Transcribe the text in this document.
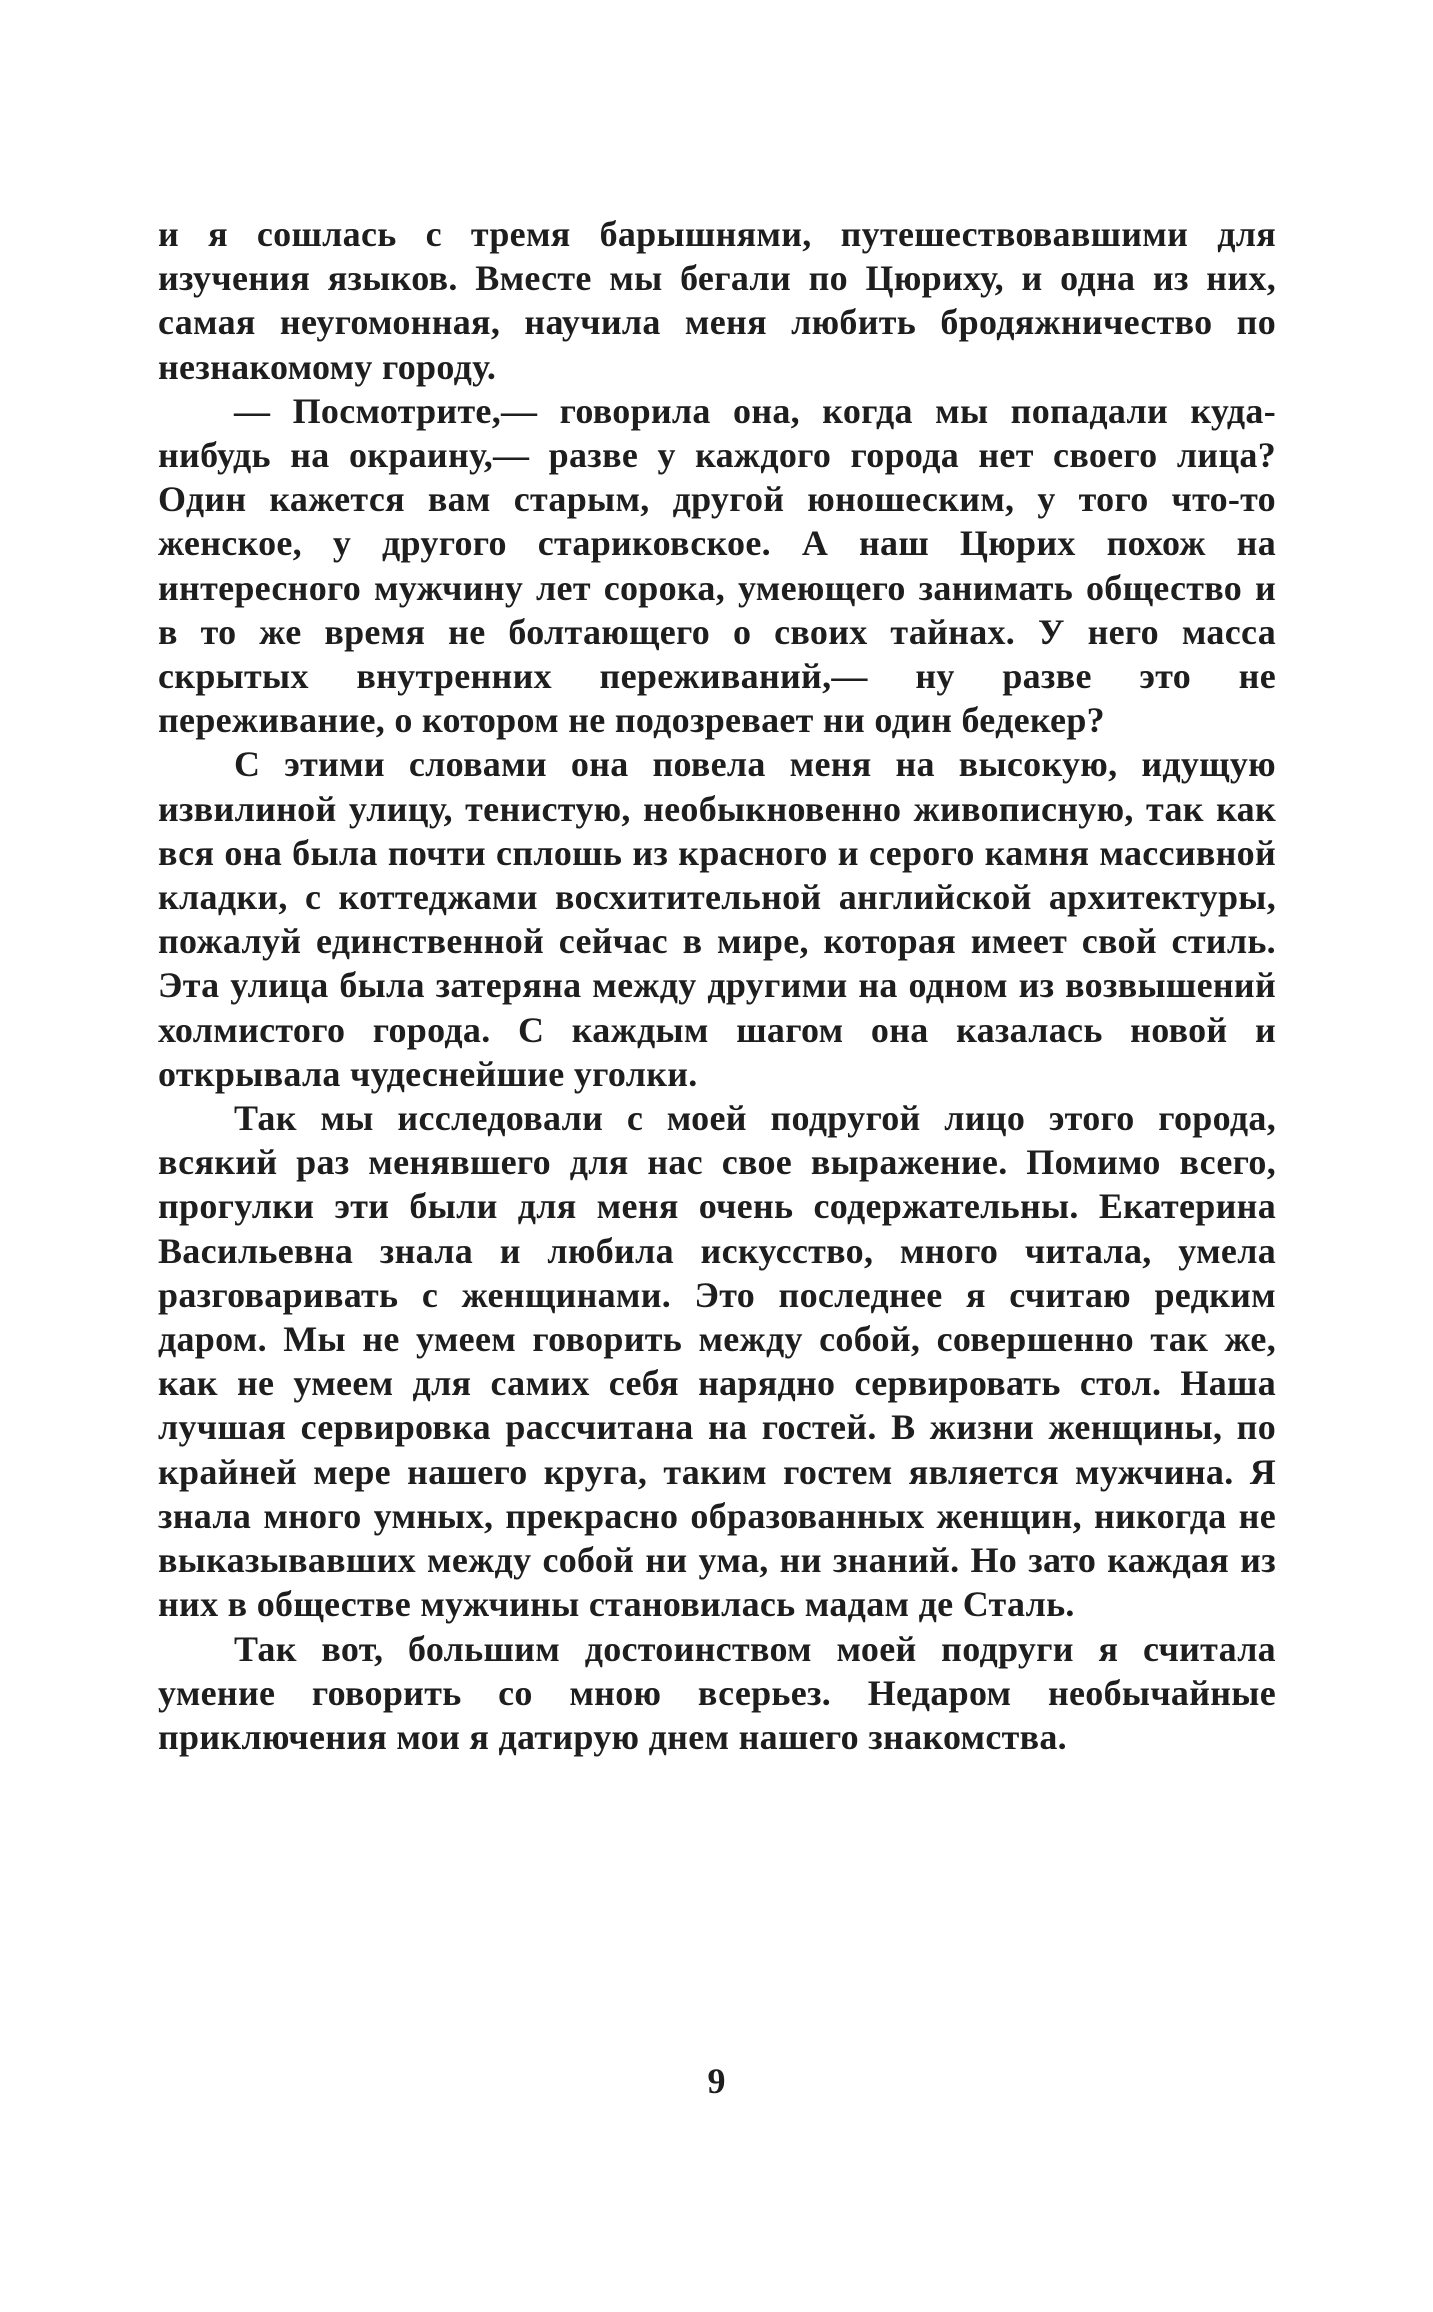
и я сошлась с тремя барышнями, путешествовавшими для изучения языков. Вместе мы бегали по Цюриху, и одна из них, самая неугомонная, научила меня любить бродяжничество по незнакомому городу.

— Посмотрите,— говорила она, когда мы попадали куда-нибудь на окраину,— разве у каждого города нет своего лица? Один кажется вам старым, другой юношеским, у того что-то женское, у другого стариковское. А наш Цюрих похож на интересного мужчину лет сорока, умеющего занимать общество и в то же время не болтающего о своих тайнах. У него масса скрытых внутренних переживаний,— ну разве это не переживание, о котором не подозревает ни один бедекер?

С этими словами она повела меня на высокую, идущую извилиной улицу, тенистую, необыкновенно живописную, так как вся она была почти сплошь из красного и серого камня массивной кладки, с коттеджами восхитительной английской архитектуры, пожалуй единственной сейчас в мире, которая имеет свой стиль. Эта улица была затеряна между другими на одном из возвышений холмистого города. С каждым шагом она казалась новой и открывала чудеснейшие уголки.

Так мы исследовали с моей подругой лицо этого города, всякий раз менявшего для нас свое выражение. Помимо всего, прогулки эти были для меня очень содержательны. Екатерина Васильевна знала и любила искусство, много читала, умела разговаривать с женщинами. Это последнее я считаю редким даром. Мы не умеем говорить между собой, совершенно так же, как не умеем для самих себя нарядно сервировать стол. Наша лучшая сервировка рассчитана на гостей. В жизни женщины, по крайней мере нашего круга, таким гостем является мужчина. Я знала много умных, прекрасно образованных женщин, никогда не выказывавших между собой ни ума, ни знаний. Но зато каждая из них в обществе мужчины становилась мадам де Сталь.

Так вот, большим достоинством моей подруги я считала умение говорить со мною всерьез. Недаром необычайные приключения мои я датирую днем нашего знакомства.

9
